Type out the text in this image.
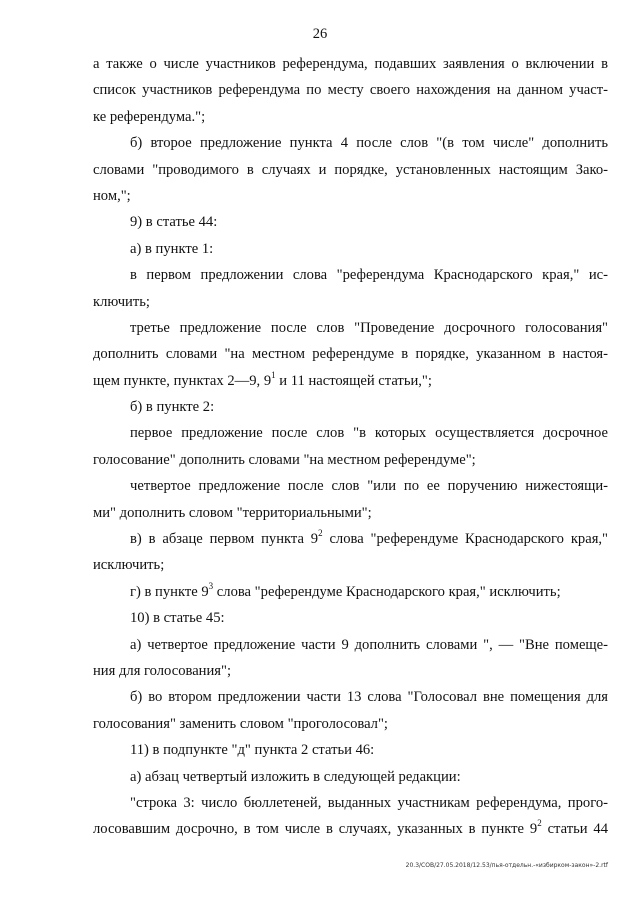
26
а также о числе участников референдума, подавших заявления о включении в
список участников референдума по месту своего нахождения на данном участ-
ке референдума.";
б) второе предложение пункта 4 после слов "(в том числе" дополнить
словами "проводимого в случаях и порядке, установленных настоящим Зако-
ном,";
9) в статье 44:
а) в пункте 1:
в первом предложении слова "референдума Краснодарского края," ис-
ключить;
третье предложение после слов "Проведение досрочного голосования"
дополнить словами "на местном референдуме в порядке, указанном в настоя-
щем пункте, пунктах 2—9, $9^1$ и 11 настоящей статьи,";
б) в пункте 2:
первое предложение после слов "в которых осуществляется досрочное
голосование" дополнить словами "на местном референдуме";
четвертое предложение после слов "или по ее поручению нижестоящи-
ми" дополнить словом "территориальными";
в) в абзаце первом пункта $9^2$ слова "референдуме Краснодарского края,"
исключить;
г) в пункте $9^3$ слова "референдуме Краснодарского края," исключить;
10) в статье 45:
а) четвертое предложение части 9 дополнить словами ", — "Вне помеще-
ния для голосования";
б) во втором предложении части 13 слова "Голосовал вне помещения для
голосования" заменить словом "проголосовал";
11) в подпункте "д" пункта 2 статьи 46:
а) абзац четвертый изложить в следующей редакции:
"строка 3: число бюллетеней, выданных участникам референдума, прого-
лосовавшим досрочно, в том числе в случаях, указанных в пункте $9^2$ статьи 44
20.3/СОВ/27.05.2018/12.53/пья-отдельн.-«избирком-закон»-2.rtf
